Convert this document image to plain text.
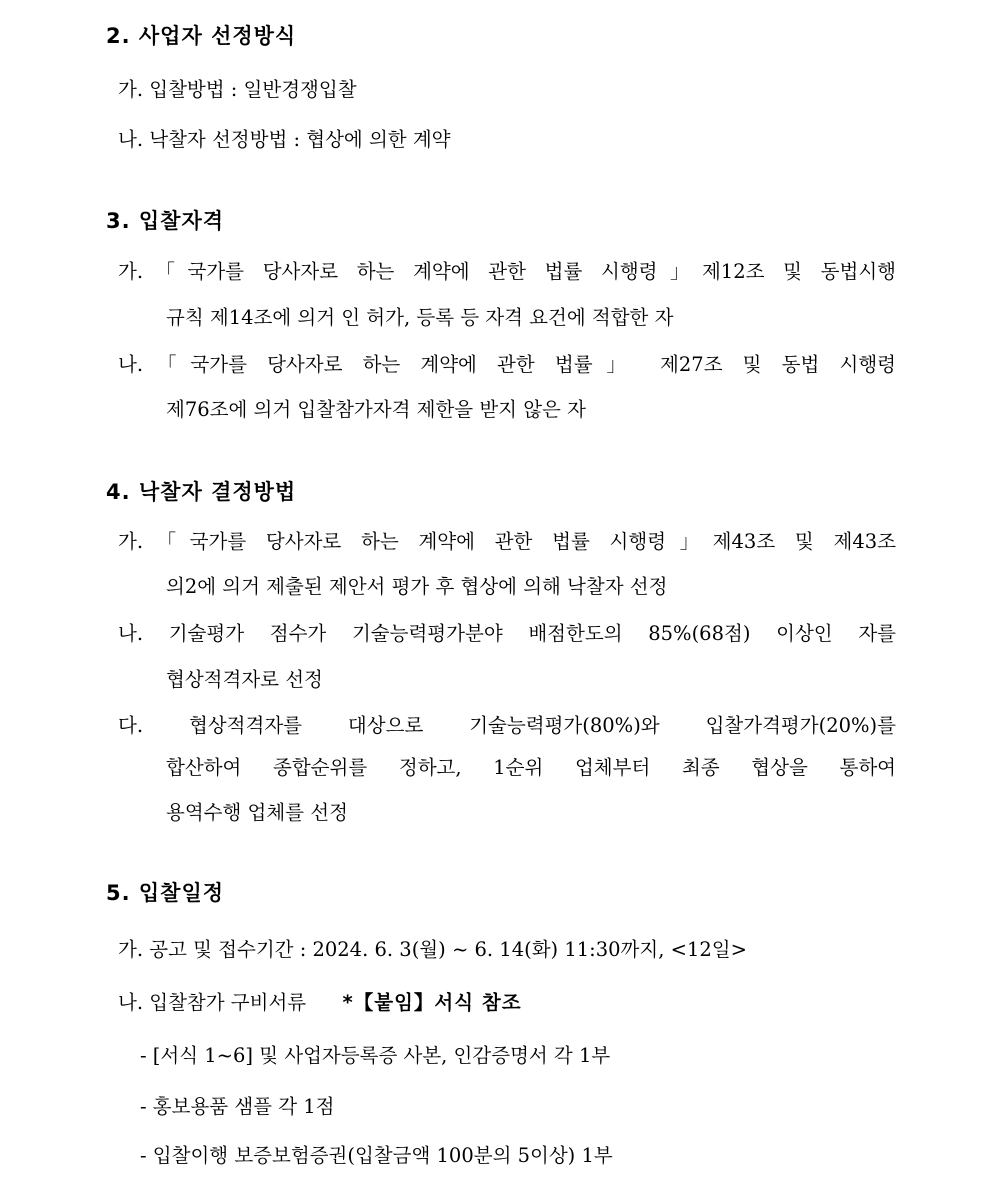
2. 사업자 선정방식
가. 입찰방법 : 일반경쟁입찰
나. 낙찰자 선정방법 : 협상에 의한 계약
3. 입찰자격
가.「국가를 당사자로 하는 계약에 관한 법률 시행령」제12조 및 동법시행
규칙 제14조에 의거 인 허가, 등록 등 자격 요건에 적합한 자
나.「국가를 당사자로 하는 계약에 관한 법률」 제27조 및 동법 시행령
제76조에 의거 입찰참가자격 제한을 받지 않은 자
4. 낙찰자 결정방법
가.「국가를 당사자로 하는 계약에 관한 법률 시행령」제43조 및 제43조
의2에 의거 제출된 제안서 평가 후 협상에 의해 낙찰자 선정
나. 기술평가 점수가 기술능력평가분야 배점한도의 85%(68점) 이상인 자를
협상적격자로 선정
다. 협상적격자를 대상으로 기술능력평가(80%)와 입찰가격평가(20%)를
합산하여 종합순위를 정하고, 1순위 업체부터 최종 협상을 통하여
용역수행 업체를 선정
5. 입찰일정
가. 공고 및 접수기간 : 2024. 6. 3(월) ~ 6. 14(화) 11:30까지, <12일>
나. 입찰참가 구비서류 *【붙임】서식 참조
- [서식 1~6] 및 사업자등록증 사본, 인감증명서 각 1부
- 홍보용품 샘플 각 1점
- 입찰이행 보증보험증권(입찰금액 100분의 5이상) 1부
